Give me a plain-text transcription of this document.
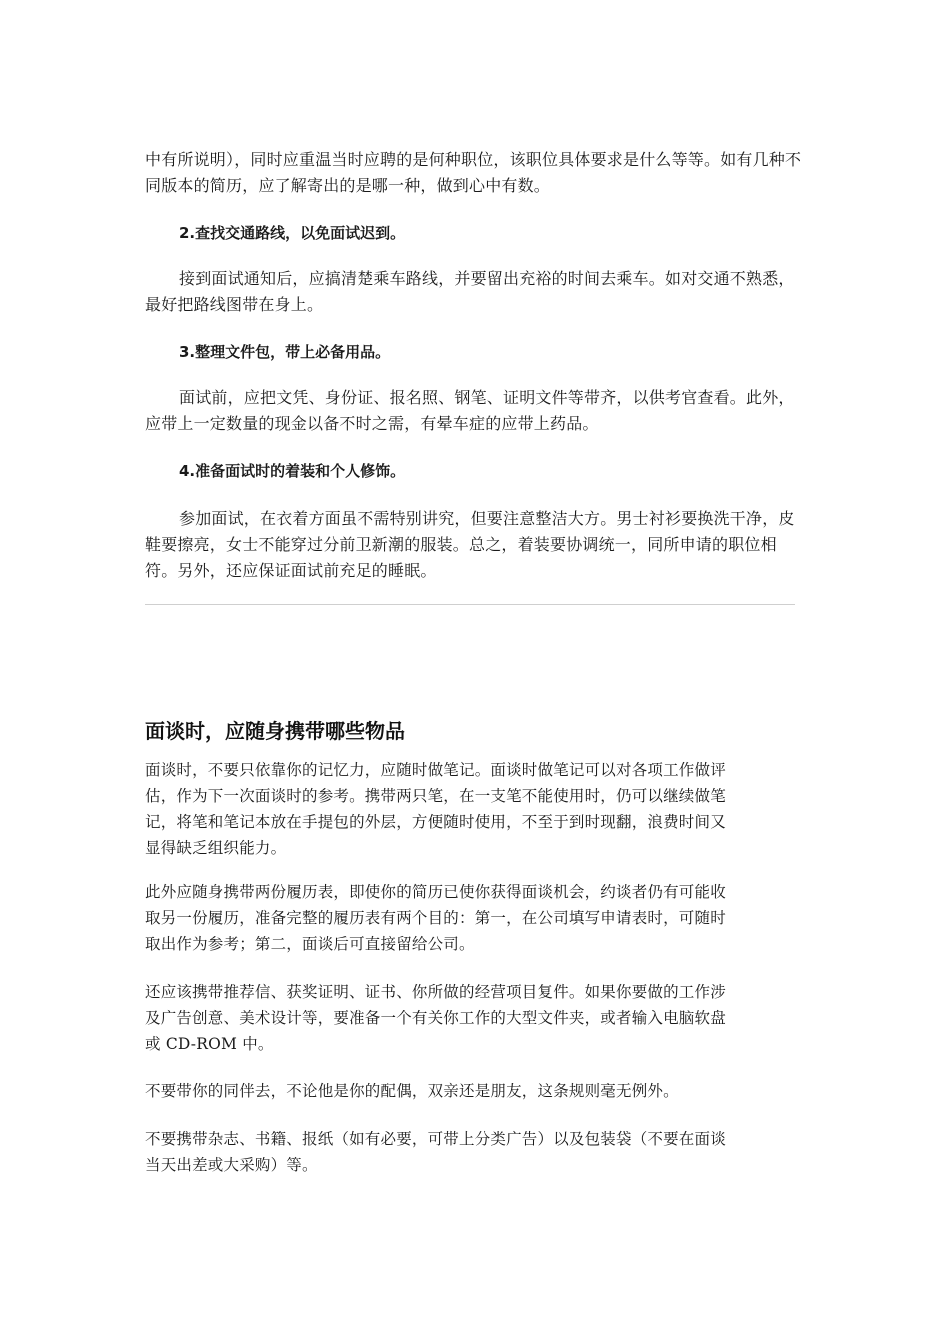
中有所说明），同时应重温当时应聘的是何种职位，该职位具体要求是什么等等。如有几种不
同版本的简历，应了解寄出的是哪一种，做到心中有数。

2.查找交通路线，以免面试迟到。

接到面试通知后，应搞清楚乘车路线，并要留出充裕的时间去乘车。如对交通不熟悉，
最好把路线图带在身上。

3.整理文件包，带上必备用品。

面试前，应把文凭、身份证、报名照、钢笔、证明文件等带齐，以供考官查看。此外，
应带上一定数量的现金以备不时之需，有晕车症的应带上药品。

4.准备面试时的着装和个人修饰。

参加面试，在衣着方面虽不需特别讲究，但要注意整洁大方。男士衬衫要换洗干净，皮
鞋要擦亮，女士不能穿过分前卫新潮的服装。总之，着装要协调统一，同所申请的职位相
符。另外，还应保证面试前充足的睡眠。
面谈时，应随身携带哪些物品
面谈时，不要只依靠你的记忆力，应随时做笔记。面谈时做笔记可以对各项工作做评
估，作为下一次面谈时的参考。携带两只笔，在一支笔不能使用时，仍可以继续做笔
记，将笔和笔记本放在手提包的外层，方便随时使用，不至于到时现翻，浪费时间又
显得缺乏组织能力。
此外应随身携带两份履历表，即使你的简历已使你获得面谈机会，约谈者仍有可能收
取另一份履历，准备完整的履历表有两个目的：第一，在公司填写申请表时，可随时
取出作为参考；第二，面谈后可直接留给公司。
还应该携带推荐信、获奖证明、证书、你所做的经营项目复件。如果你要做的工作涉
及广告创意、美术设计等，要准备一个有关你工作的大型文件夹，或者输入电脑软盘
或 CD-ROM 中。
不要带你的同伴去，不论他是你的配偶，双亲还是朋友，这条规则毫无例外。
不要携带杂志、书籍、报纸（如有必要，可带上分类广告）以及包装袋（不要在面谈
当天出差或大采购）等。
